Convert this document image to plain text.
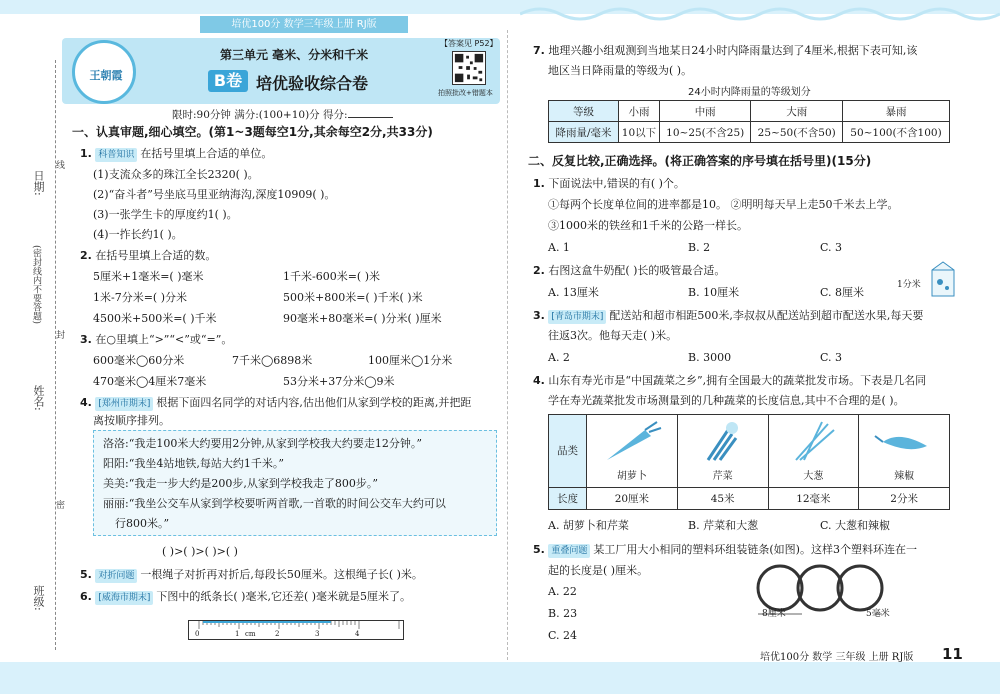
培优100分 数学三年级上册 RJ版
日期:
线
(密封线内不要答题)
封
姓名:
密
班级:
王朝霞
第三单元 毫米、分米和千米
B卷 培优验收综合卷
【答案见 P52】
拍照批改+错题本
限时:90分钟 满分:(100+10)分 得分:
一、认真审题,细心填空。(第1~3题每空1分,其余每空2分,共33分)
1. 科普知识 在括号里填上合适的单位。
(1)支流众多的珠江全长2320( )。
(2)“奋斗者”号坐底马里亚纳海沟,深度10909( )。
(3)一张学生卡的厚度约1( )。
(4)一拃长约1( )。
2. 在括号里填上合适的数。
5厘米+1毫米=( )毫米	1千米-600米=( )米
1米-7分米=( )分米	500米+800米=( )千米( )米
4500米+500米=( )千米	90毫米+80毫米=( )分米( )厘米
3. 在○里填上“>”“<”或“=”。
600毫米◯60分米	7千米◯6898米	100厘米◯1分米
470毫米◯4厘米7毫米	53分米+37分米◯9米
4. [郑州市期末] 根据下面四名同学的对话内容,估出他们从家到学校的距离,并把距
离按顺序排列。
洛洛:“我走100米大约要用2分钟,从家到学校我大约要走12分钟。”
阳阳:“我坐4站地铁,每站大约1千米。”
美美:“我走一步大约是200步,从家到学校我走了800步。”
丽丽:“我坐公交车从家到学校要听两首歌,一首歌的时间公交车大约可以
行800米。”
( )>( )>( )>( )
5. 对折问题 一根绳子对折再对折后,每段长50厘米。这根绳子长( )米。
6. [威海市期末] 下图中的纸条长( )毫米,它还差( )毫米就是5厘米了。
0	1 cm	2	3	4
7. 地理兴趣小组观测到当地某日24小时内降雨量达到了4厘米,根据下表可知,该
地区当日降雨量的等级为( )。
24小时内降雨量的等级划分
等级	小雨	中雨	大雨	暴雨
降雨量/毫米	10以下	10~25(不含25)	25~50(不含50)	50~100(不含100)
二、反复比较,正确选择。(将正确答案的序号填在括号里)(15分)
1. 下面说法中,错误的有( )个。
①每两个长度单位间的进率都是10。 ②明明每天早上走50千米去上学。
③1000米的铁丝和1千米的公路一样长。
A. 1	B. 2	C. 3
2. 右图这盒牛奶配( )长的吸管最合适。
A. 13厘米	B. 10厘米	C. 8厘米
1分米
3. [青岛市期末] 配送站和超市相距500米,李叔叔从配送站到超市配送水果,每天要
往返3次。他每天走( )米。
A. 2	B. 3000	C. 3
4. 山东有寿光市是“中国蔬菜之乡”,拥有全国最大的蔬菜批发市场。下表是几名同
学在寿光蔬菜批发市场测量到的几种蔬菜的长度信息,其中不合理的是( )。
品类	胡萝卜	芹菜	大葱	辣椒

长度	20厘米	45米	12毫米	2分米
A. 胡萝卜和芹菜	B. 芹菜和大葱	C. 大葱和辣椒
5. 重叠问题 某工厂用大小相同的塑料环组装链条(如图)。这样3个塑料环连在一
起的长度是( )厘米。
A. 22
B. 23
C. 24
8厘米	5毫米
培优100分 数学 三年级 上册 RJ版 11
